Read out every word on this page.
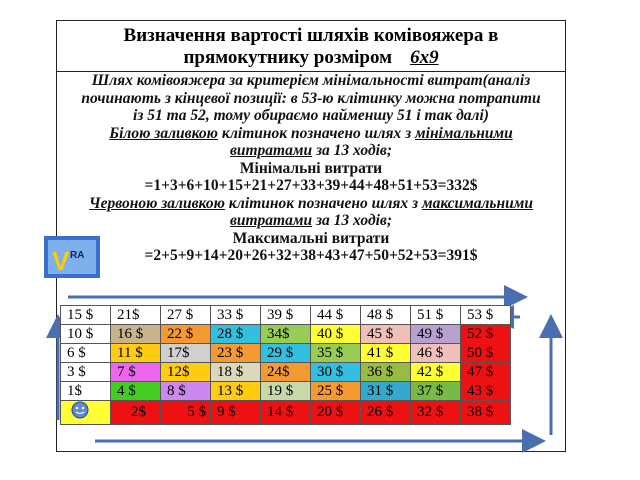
Визначення вартості шляхів комівояжера в
прямокутнику розміром 6х9
Шлях комівояжера за критерієм мінімальності витрат(аналіз
починають з кінцевої позиції: в 53-ю клітинку можна потрапити
із 51 та 52, тому обираємо найменшу 51 і так далі)
Білою заливкою клітинок позначено шлях з мінімальними
витратами за 13 ходів;
Мінімальні витрати
=1+3+6+10+15+21+27+33+39+44+48+51+53=332$
Червоною заливкою клітинок позначено шлях з максимальними
витратами за 13 ходів;
Максимальні витрати
=2+5+9+14+20+26+32+38+43+47+50+52+53=391$
V RA
15 $	21$	27 $	33 $	39 $	44 $	48 $	51 $	53 $
10 $	16 $	22 $	28 $	34$	40 $	45 $	49 $	52 $
6 $	11 $	17$	23 $	29 $	35 $	41 $	46 $	50 $
3 $	7 $	12$	18 $	24$	30 $	36 $	42 $	47 $
1$	4 $	8 $	13 $	19 $	25 $	31 $	37 $	43 $
	2$	5 $	9 $	14 $	20 $	26 $	32 $	38 $
